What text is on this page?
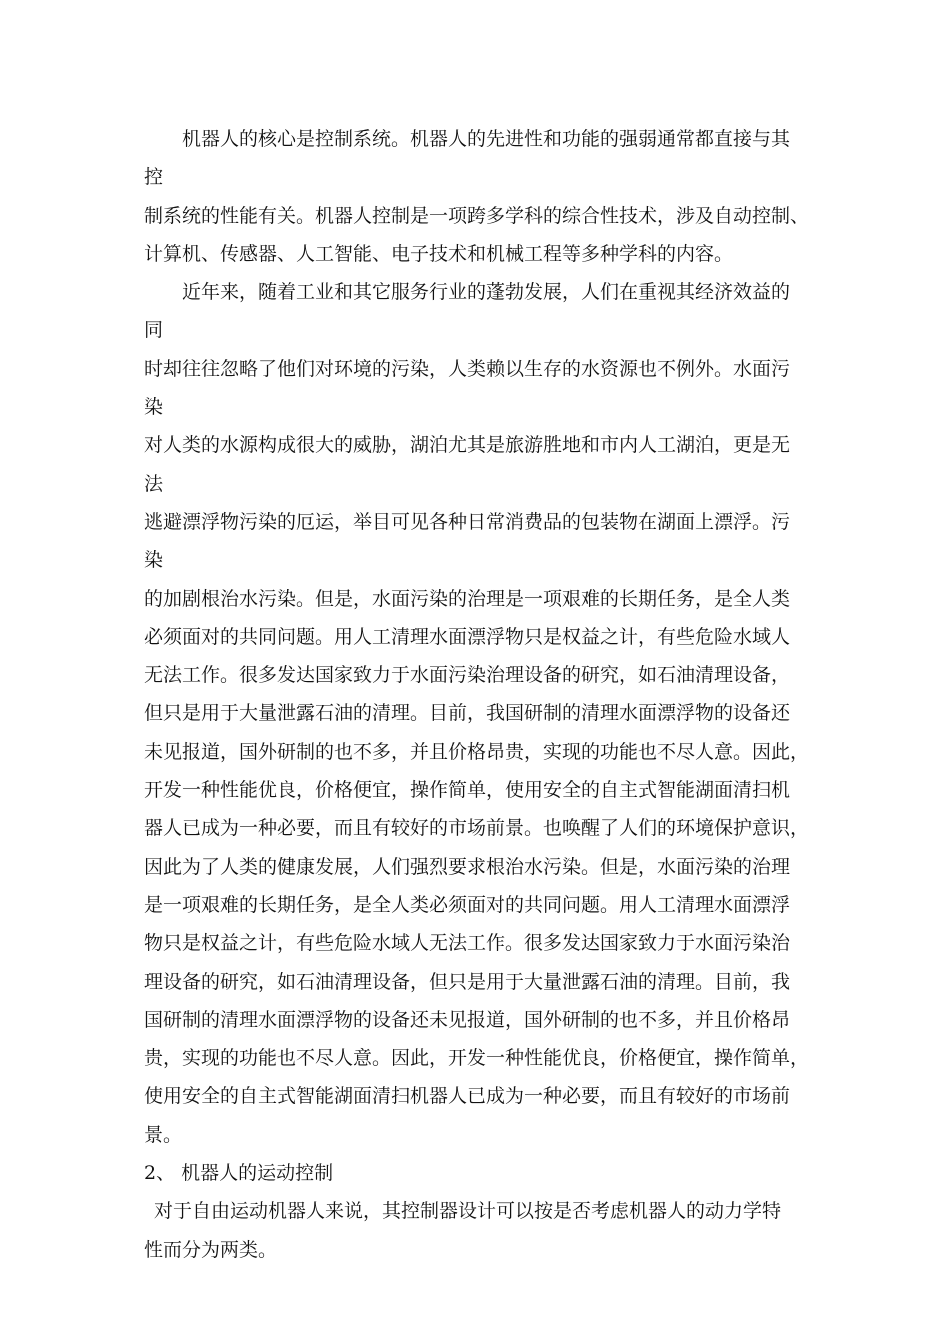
机器人的核心是控制系统。机器人的先进性和功能的强弱通常都直接与其
控
制系统的性能有关。机器人控制是一项跨多学科的综合性技术，涉及自动控制、
计算机、传感器、人工智能、电子技术和机械工程等多种学科的内容。
近年来，随着工业和其它服务行业的蓬勃发展，人们在重视其经济效益的
同
时却往往忽略了他们对环境的污染，人类赖以生存的水资源也不例外。水面污
染
对人类的水源构成很大的威胁，湖泊尤其是旅游胜地和市内人工湖泊，更是无
法
逃避漂浮物污染的厄运，举目可见各种日常消费品的包装物在湖面上漂浮。污
染
的加剧根治水污染。但是，水面污染的治理是一项艰难的长期任务，是全人类
必须面对的共同问题。用人工清理水面漂浮物只是权益之计，有些危险水域人
无法工作。很多发达国家致力于水面污染治理设备的研究，如石油清理设备，
但只是用于大量泄露石油的清理。目前，我国研制的清理水面漂浮物的设备还
未见报道，国外研制的也不多，并且价格昂贵，实现的功能也不尽人意。因此，
开发一种性能优良，价格便宜，操作简单，使用安全的自主式智能湖面清扫机
器人已成为一种必要，而且有较好的市场前景。也唤醒了人们的环境保护意识，
因此为了人类的健康发展，人们强烈要求根治水污染。但是，水面污染的治理
是一项艰难的长期任务，是全人类必须面对的共同问题。用人工清理水面漂浮
物只是权益之计，有些危险水域人无法工作。很多发达国家致力于水面污染治
理设备的研究，如石油清理设备，但只是用于大量泄露石油的清理。目前，我
国研制的清理水面漂浮物的设备还未见报道，国外研制的也不多，并且价格昂
贵，实现的功能也不尽人意。因此，开发一种性能优良，价格便宜，操作简单，
使用安全的自主式智能湖面清扫机器人已成为一种必要，而且有较好的市场前
景。
2、 机器人的运动控制
对于自由运动机器人来说，其控制器设计可以按是否考虑机器人的动力学特
性而分为两类。
